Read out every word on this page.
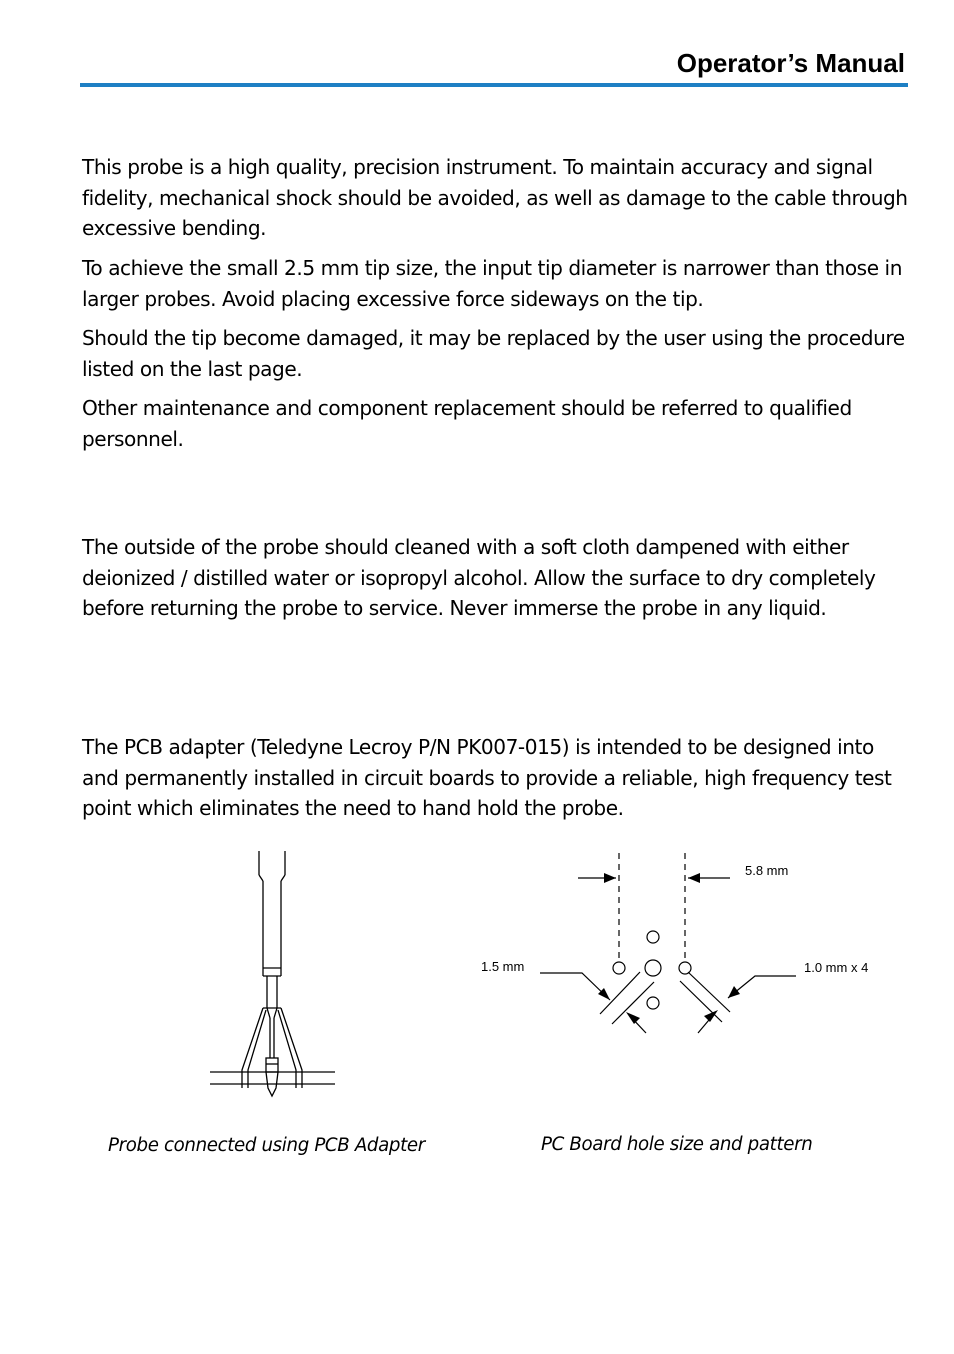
Operator’s Manual

This probe is a high quality, precision instrument. To maintain accuracy and signal fidelity, mechanical shock should be avoided, as well as damage to the cable through excessive bending.

To achieve the small 2.5 mm tip size, the input tip diameter is narrower than those in larger probes. Avoid placing excessive force sideways on the tip.

Should the tip become damaged, it may be replaced by the user using the procedure listed on the last page.

Other maintenance and component replacement should be referred to qualified personnel.

The outside of the probe should cleaned with a soft cloth dampened with either deionized / distilled water or isopropyl alcohol. Allow the surface to dry completely before returning the probe to service. Never immerse the probe in any liquid.

The PCB adapter (Teledyne Lecroy P/N PK007-015) is intended to be designed into and permanently installed in circuit boards to provide a reliable, high frequency test point which eliminates the need to hand hold the probe.

5.8 mm
1.5 mm	1.0 mm x 4
Probe connected using PCB Adapter	PC Board hole size and pattern
